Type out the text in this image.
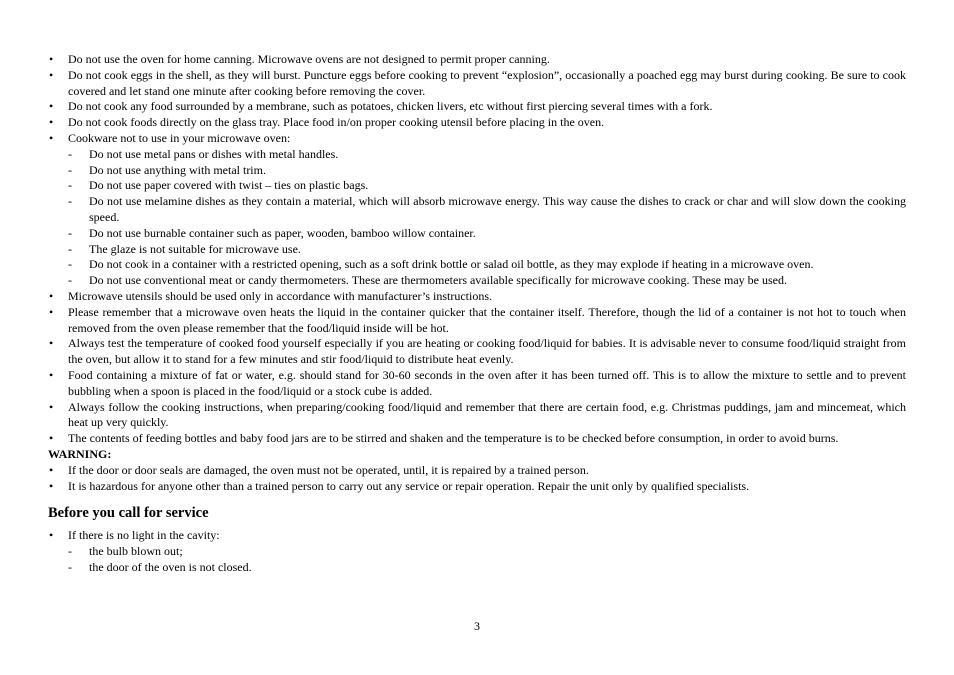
• Do not use the oven for home canning. Microwave ovens are not designed to permit proper canning.
• Do not cook eggs in the shell, as they will burst. Puncture eggs before cooking to prevent “explosion”, occasionally a poached egg may burst during cooking. Be sure to cook covered and let stand one minute after cooking before removing the cover.
• Do not cook any food surrounded by a membrane, such as potatoes, chicken livers, etc without first piercing several times with a fork.
• Do not cook foods directly on the glass tray. Place food in/on proper cooking utensil before placing in the oven.
• Cookware not to use in your microwave oven:
- Do not use metal pans or dishes with metal handles.
- Do not use anything with metal trim.
- Do not use paper covered with twist – ties on plastic bags.
- Do not use melamine dishes as they contain a material, which will absorb microwave energy. This way cause the dishes to crack or char and will slow down the cooking speed.
- Do not use burnable container such as paper, wooden, bamboo willow container.
- The glaze is not suitable for microwave use.
- Do not cook in a container with a restricted opening, such as a soft drink bottle or salad oil bottle, as they may explode if heating in a microwave oven.
- Do not use conventional meat or candy thermometers. These are thermometers available specifically for microwave cooking. These may be used.
• Microwave utensils should be used only in accordance with manufacturer’s instructions.
• Please remember that a microwave oven heats the liquid in the container quicker that the container itself. Therefore, though the lid of a container is not hot to touch when removed from the oven please remember that the food/liquid inside will be hot.
• Always test the temperature of cooked food yourself especially if you are heating or cooking food/liquid for babies. It is advisable never to consume food/liquid straight from the oven, but allow it to stand for a few minutes and stir food/liquid to distribute heat evenly.
• Food containing a mixture of fat or water, e.g. should stand for 30-60 seconds in the oven after it has been turned off. This is to allow the mixture to settle and to prevent bubbling when a spoon is placed in the food/liquid or a stock cube is added.
• Always follow the cooking instructions, when preparing/cooking food/liquid and remember that there are certain food, e.g. Christmas puddings, jam and mincemeat, which heat up very quickly.
• The contents of feeding bottles and baby food jars are to be stirred and shaken and the temperature is to be checked before consumption, in order to avoid burns.
WARNING:
• If the door or door seals are damaged, the oven must not be operated, until, it is repaired by a trained person.
• It is hazardous for anyone other than a trained person to carry out any service or repair operation. Repair the unit only by qualified specialists.
Before you call for service
• If there is no light in the cavity:
- the bulb blown out;
- the door of the oven is not closed.
3
